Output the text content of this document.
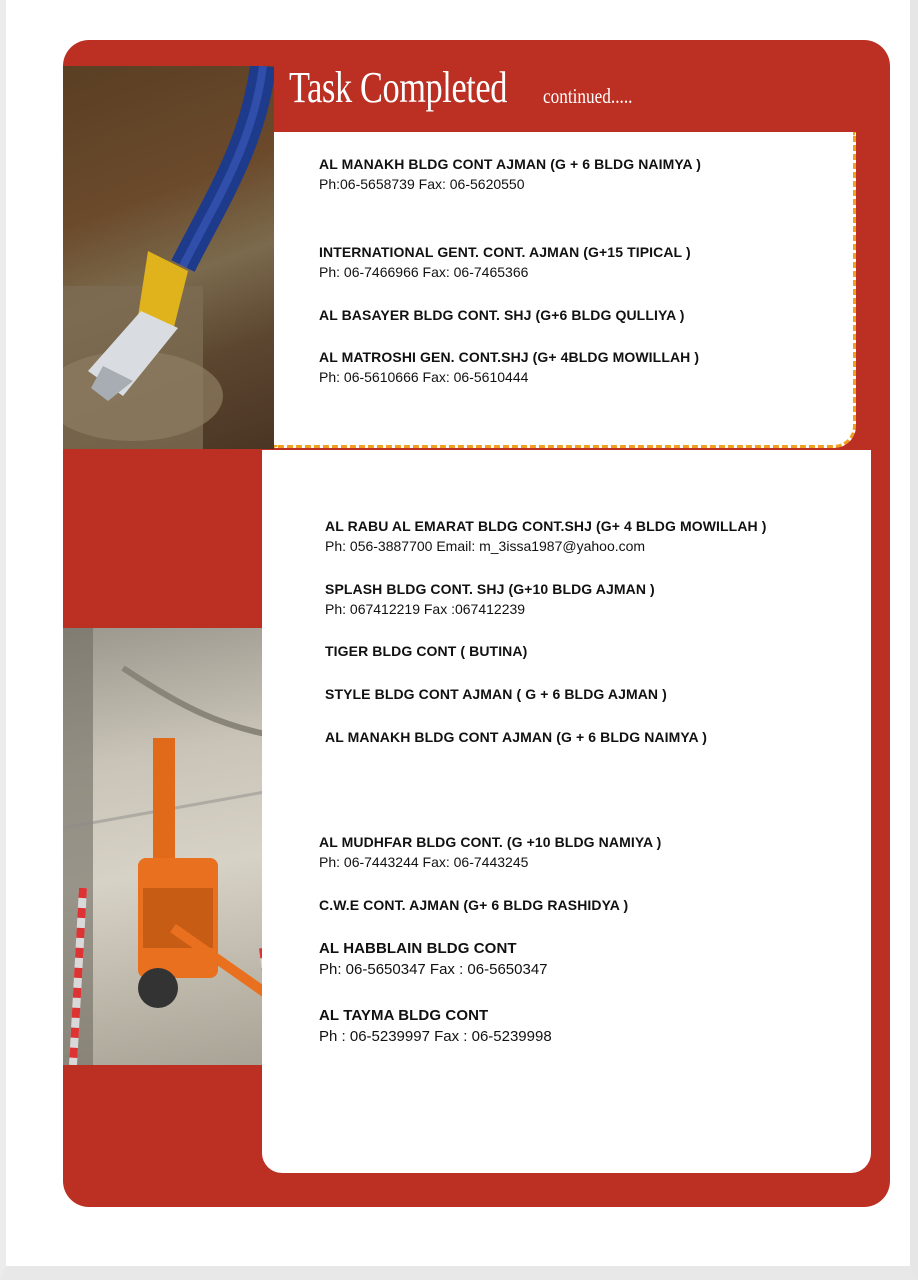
Task Completed continued.....
AL MANAKH BLDG CONT AJMAN (G + 6 BLDG NAIMYA )
Ph:06-5658739 Fax: 06-5620550
INTERNATIONAL GENT. CONT. AJMAN (G+15 TIPICAL )
Ph: 06-7466966 Fax: 06-7465366
AL BASAYER BLDG CONT. SHJ (G+6 BLDG QULLIYA )
AL MATROSHI GEN. CONT.SHJ (G+ 4BLDG MOWILLAH )
Ph: 06-5610666 Fax: 06-5610444
AL RABU AL EMARAT BLDG CONT.SHJ (G+ 4 BLDG MOWILLAH )
Ph: 056-3887700 Email: m_3issa1987@yahoo.com
SPLASH BLDG CONT. SHJ (G+10 BLDG AJMAN )
Ph: 067412219 Fax :067412239
TIGER BLDG CONT ( BUTINA)
STYLE BLDG CONT AJMAN ( G + 6 BLDG AJMAN )
AL MANAKH BLDG CONT AJMAN (G + 6 BLDG NAIMYA )
AL MUDHFAR BLDG CONT. (G +10 BLDG NAMIYA )
Ph: 06-7443244 Fax: 06-7443245
C.W.E CONT. AJMAN (G+ 6 BLDG RASHIDYA )
AL HABBLAIN BLDG CONT
Ph: 06-5650347 Fax : 06-5650347
AL TAYMA BLDG CONT
Ph : 06-5239997 Fax : 06-5239998
